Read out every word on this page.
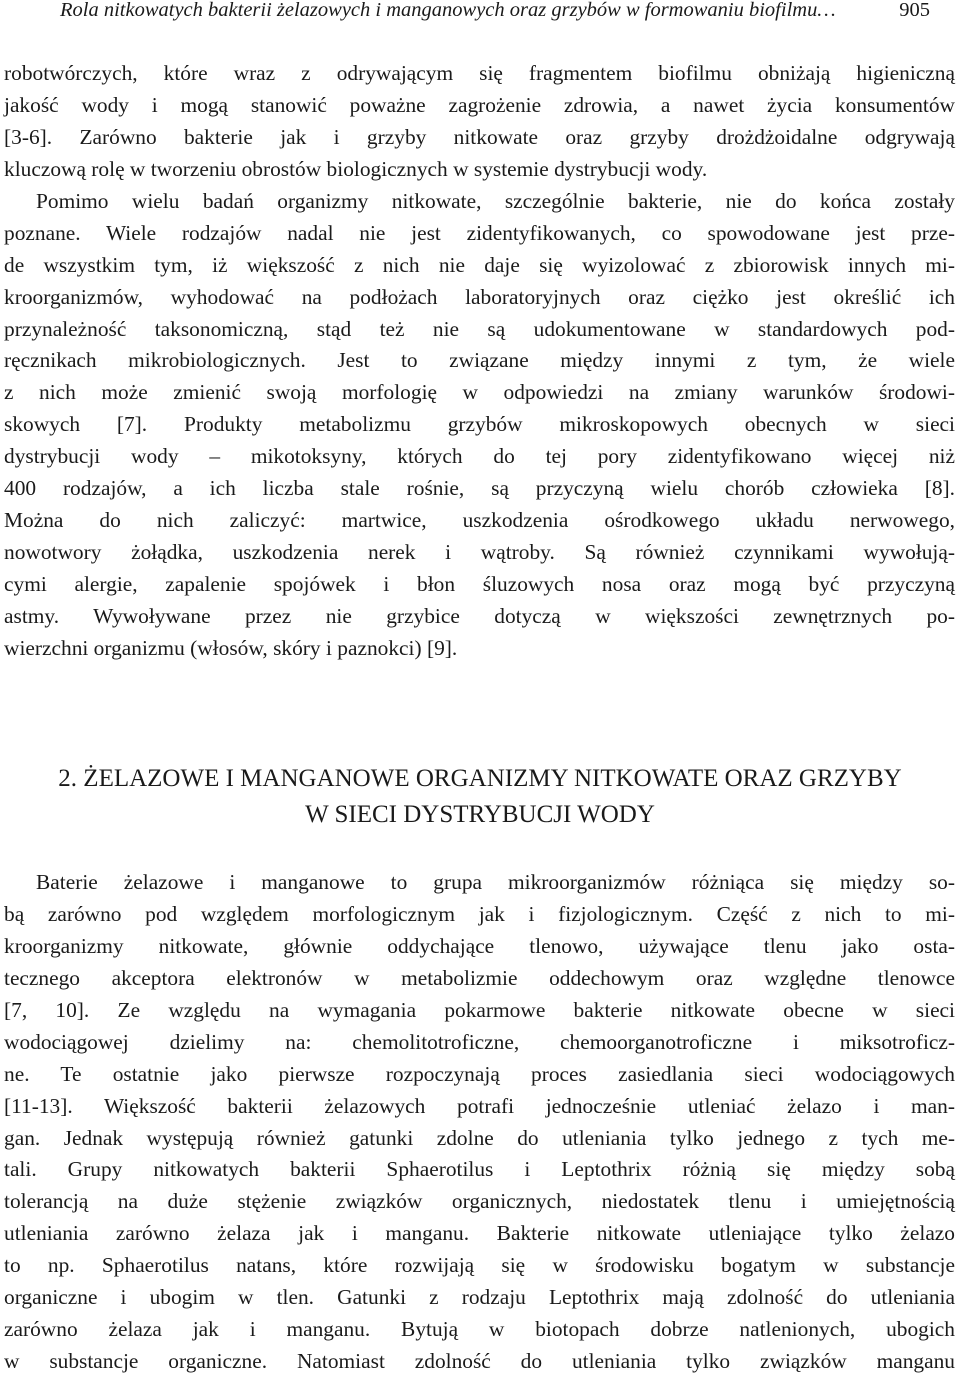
Rola nitkowatych bakterii żelazowych i manganowych oraz grzybów w formowaniu biofilmu…	905
robotwórczych, które wraz z odrywającym się fragmentem biofilmu obniżają higieniczną
jakość wody i mogą stanowić poważne zagrożenie zdrowia, a nawet życia konsumentów
[3-6]. Zarówno bakterie jak i grzyby nitkowate oraz grzyby drożdżoidalne odgrywają
kluczową rolę w tworzeniu obrostów biologicznych w systemie dystrybucji wody.
Pomimo wielu badań organizmy nitkowate, szczególnie bakterie, nie do końca zostały
poznane. Wiele rodzajów nadal nie jest zidentyfikowanych, co spowodowane jest prze-
de wszystkim tym, iż większość z nich nie daje się wyizolować z zbiorowisk innych mi-
kroorganizmów, wyhodować na podłożach laboratoryjnych oraz ciężko jest określić ich
przynależność taksonomiczną, stąd też nie są udokumentowane w standardowych pod-
ręcznikach mikrobiologicznych. Jest to związane między innymi z tym, że wiele
z nich może zmienić swoją morfologię w odpowiedzi na zmiany warunków środowi-
skowych [7]. Produkty metabolizmu grzybów mikroskopowych obecnych w sieci
dystrybucji wody – mikotoksyny, których do tej pory zidentyfikowano więcej niż
400 rodzajów, a ich liczba stale rośnie, są przyczyną wielu chorób człowieka [8].
Można do nich zaliczyć: martwice, uszkodzenia ośrodkowego układu nerwowego,
nowotwory żołądka, uszkodzenia nerek i wątroby. Są również czynnikami wywołują-
cymi alergie, zapalenie spojówek i błon śluzowych nosa oraz mogą być przyczyną
astmy. Wywoływane przez nie grzybice dotyczą w większości zewnętrznych po-
wierzchni organizmu (włosów, skóry i paznokci) [9].
2. ŻELAZOWE I MANGANOWE ORGANIZMY NITKOWATE ORAZ GRZYBY
W SIECI DYSTRYBUCJI WODY
Baterie żelazowe i manganowe to grupa mikroorganizmów różniąca się między so-
bą zarówno pod względem morfologicznym jak i fizjologicznym. Część z nich to mi-
kroorganizmy nitkowate, głównie oddychające tlenowo, używające tlenu jako osta-
tecznego akceptora elektronów w metabolizmie oddechowym oraz względne tlenowce
[7, 10]. Ze względu na wymagania pokarmowe bakterie nitkowate obecne w sieci
wodociągowej dzielimy na: chemolitotroficzne, chemoorganotroficzne i miksotroficz-
ne. Te ostatnie jako pierwsze rozpoczynają proces zasiedlania sieci wodociągowych
[11-13]. Większość bakterii żelazowych potrafi jednocześnie utleniać żelazo i man-
gan. Jednak występują również gatunki zdolne do utleniania tylko jednego z tych me-
tali. Grupy nitkowatych bakterii Sphaerotilus i Leptothrix różnią się między sobą
tolerancją na duże stężenie związków organicznych, niedostatek tlenu i umiejętnością
utleniania zarówno żelaza jak i manganu. Bakterie nitkowate utleniające tylko żelazo
to np. Sphaerotilus natans, które rozwijają się w środowisku bogatym w substancje
organiczne i ubogim w tlen. Gatunki z rodzaju Leptothrix mają zdolność do utleniania
zarówno żelaza jak i manganu. Bytują w biotopach dobrze natlenionych, ubogich
w substancje organiczne. Natomiast zdolność do utleniania tylko związków manganu
